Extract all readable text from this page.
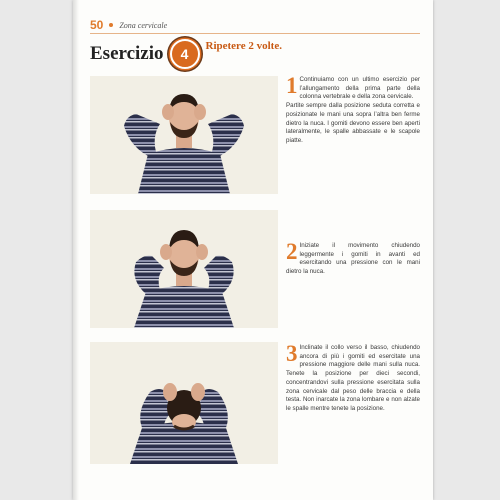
50 Zona cervicale
Esercizio	4	Ripetere 2 volte.
1 Continuiamo con un ultimo esercizio per l’allungamento della prima parte della colonna vertebrale e della zona cervicale.

Partite sempre dalla posizione seduta corretta e posizionate le mani una sopra l’altra ben ferme dietro la nuca. I gomiti devono essere ben aperti lateralmente, le spalle abbassate e le scapole piatte.

2 Iniziate il movimento chiudendo leggermente i gomiti in avanti ed esercitando una pressione con le mani dietro la nuca.

3 Inclinate il collo verso il basso, chiudendo ancora di più i gomiti ed esercitate una pressione maggiore delle mani sulla nuca. Tenete la posizione per dieci secondi, concentrandovi sulla pressione esercitata sulla zona cervicale dal peso delle braccia e della testa. Non inarcate la zona lombare e non alzate le spalle mentre tenete la posizione.
